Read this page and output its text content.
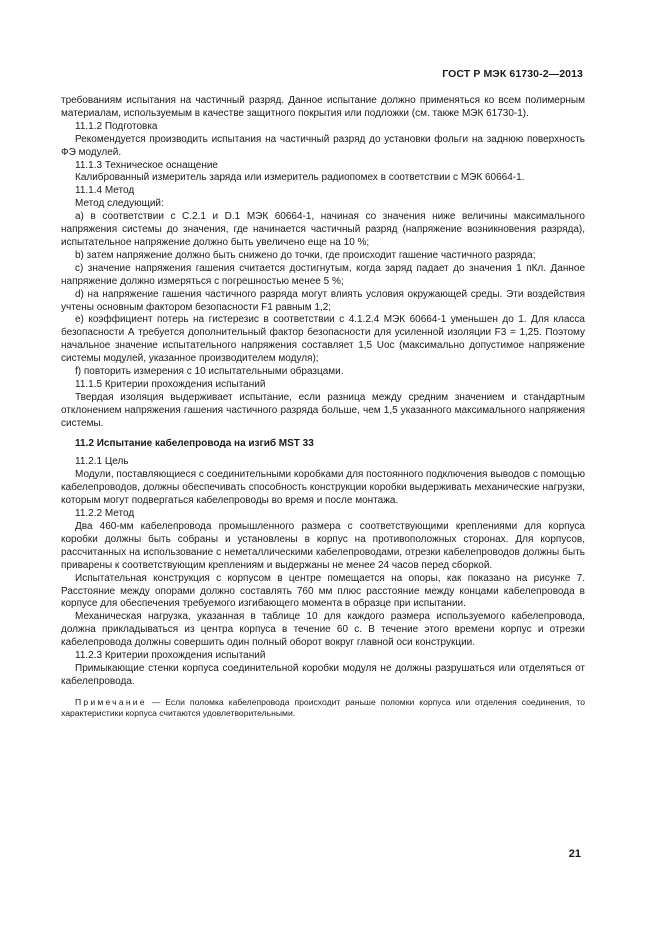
ГОСТ Р МЭК 61730-2—2013

требованиям испытания на частичный разряд. Данное испытание должно применяться ко всем полимерным материалам, используемым в качестве защитного покрытия или подложки (см. также МЭК 61730-1).

11.1.2 Подготовка

Рекомендуется производить испытания на частичный разряд до установки фольги на заднюю поверхность ФЭ модулей.

11.1.3 Техническое оснащение

Калиброванный измеритель заряда или измеритель радиопомех в соответствии с МЭК 60664-1.

11.1.4 Метод

Метод следующий:

a) в соответствии с С.2.1 и D.1 МЭК 60664-1, начиная со значения ниже величины максимального напряжения системы до значения, где начинается частичный разряд (напряжение возникновения разряда), испытательное напряжение должно быть увеличено еще на 10 %;

b) затем напряжение должно быть снижено до точки, где происходит гашение частичного разряда;

c) значение напряжения гашения считается достигнутым, когда заряд падает до значения 1 пКл. Данное напряжение должно измеряться с погрешностью менее 5 %;

d) на напряжение гашения частичного разряда могут влиять условия окружающей среды. Эти воздействия учтены основным фактором безопасности F1 равным 1,2;

e) коэффициент потерь на гистерезис в соответствии с 4.1.2.4 МЭК 60664-1 уменьшен до 1. Для класса безопасности А требуется дополнительный фактор безопасности для усиленной изоляции F3 = 1,25. Поэтому начальное значение испытательного напряжения составляет 1,5 Uoc (максимально допустимое напряжение системы модулей, указанное производителем модуля);

f) повторить измерения с 10 испытательными образцами.

11.1.5 Критерии прохождения испытаний

Твердая изоляция выдерживает испытание, если разница между средним значением и стандартным отклонением напряжения гашения частичного разряда больше, чем 1,5 указанного максимального напряжения системы.

11.2 Испытание кабелепровода на изгиб MST 33

11.2.1 Цель

Модули, поставляющиеся с соединительными коробками для постоянного подключения выводов с помощью кабелепроводов, должны обеспечивать способность конструкции коробки выдерживать механические нагрузки, которым могут подвергаться кабелепроводы во время и после монтажа.

11.2.2 Метод

Два 460-мм кабелепровода промышленного размера с соответствующими креплениями для корпуса коробки должны быть собраны и установлены в корпус на противоположных сторонах. Для корпусов, рассчитанных на использование с неметаллическими кабелепроводами, отрезки кабелепроводов должны быть приварены к соответствующим креплениям и выдержаны не менее 24 часов перед сборкой.

Испытательная конструкция с корпусом в центре помещается на опоры, как показано на рисунке 7. Расстояние между опорами должно составлять 760 мм плюс расстояние между концами кабелепровода в корпусе для обеспечения требуемого изгибающего момента в образце при испытании.

Механическая нагрузка, указанная в таблице 10 для каждого размера используемого кабелепровода, должна прикладываться из центра корпуса в течение 60 с. В течение этого времени корпус и отрезки кабелепровода должны совершить один полный оборот вокруг главной оси конструкции.

11.2.3 Критерии прохождения испытаний

Примыкающие стенки корпуса соединительной коробки модуля не должны разрушаться или отделяться от кабелепровода.

Примечание — Если поломка кабелепровода происходит раньше поломки корпуса или отделения соединения, то характеристики корпуса считаются удовлетворительными.

21
